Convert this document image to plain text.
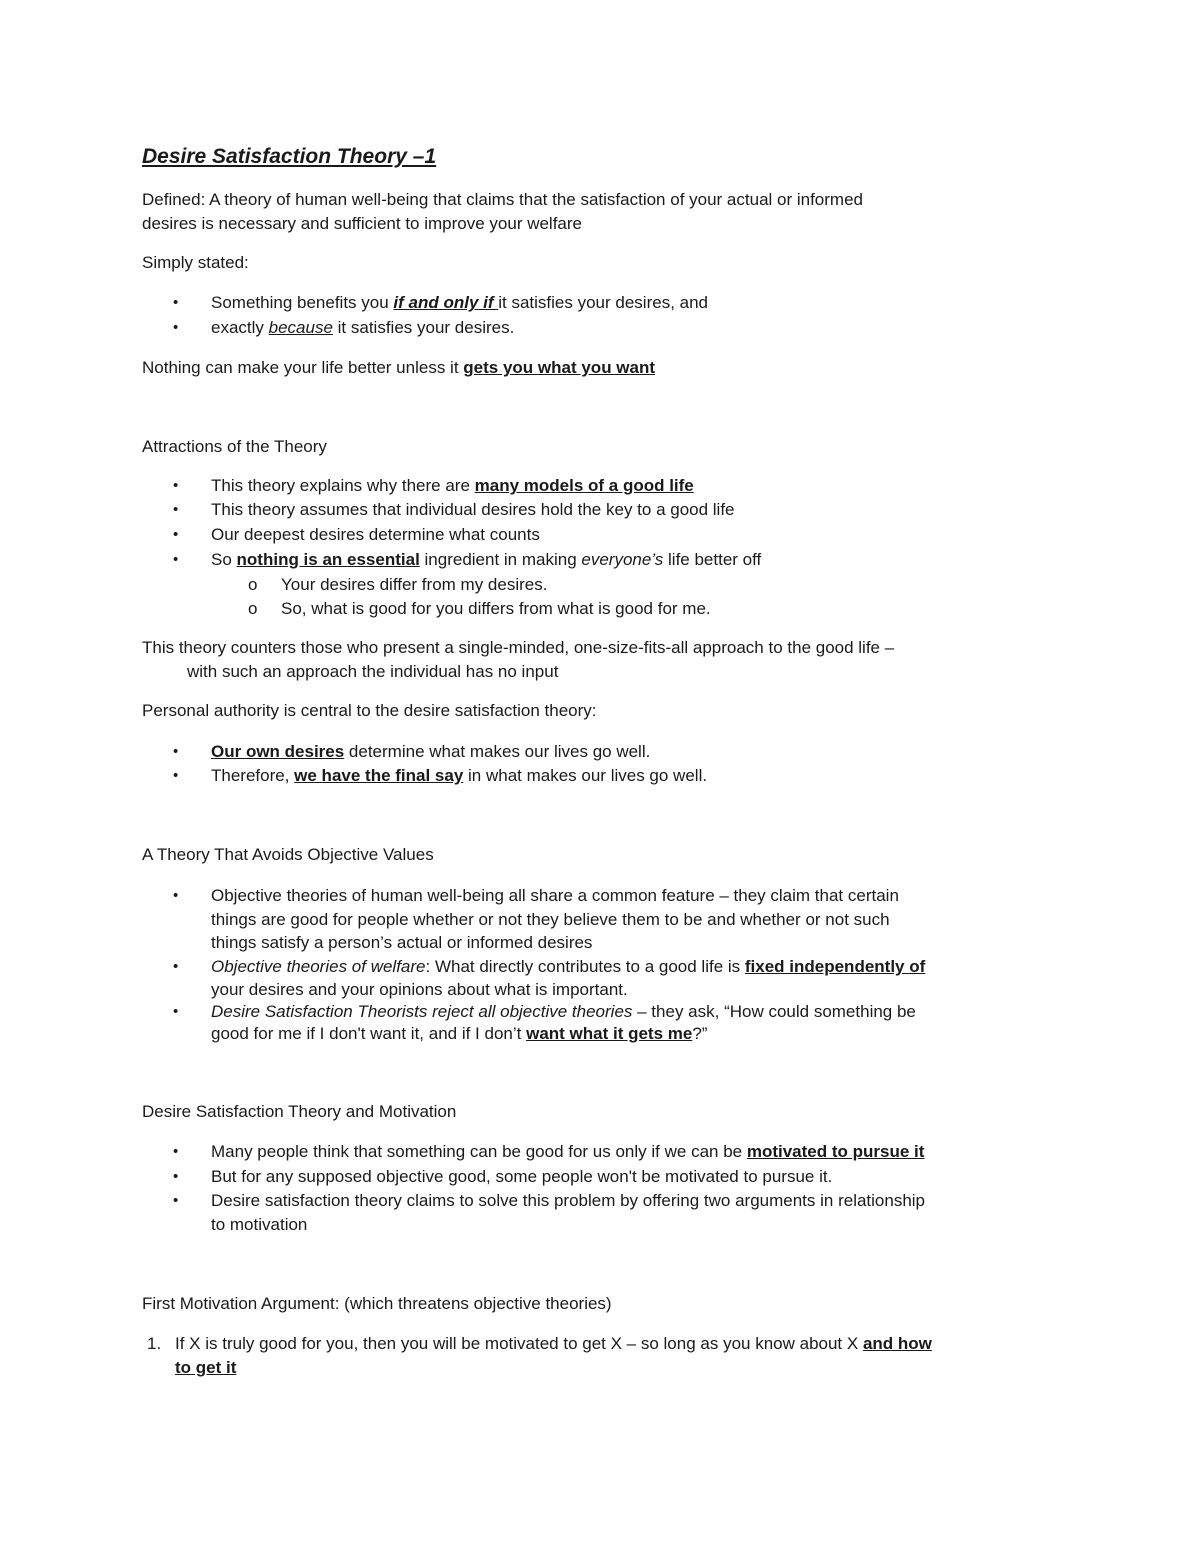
Desire Satisfaction Theory –1
Defined: A theory of human well-being that claims that the satisfaction of your actual or informed
desires is necessary and sufficient to improve your welfare
Simply stated:
• Something benefits you if and only if it satisfies your desires, and
• exactly because it satisfies your desires.
Nothing can make your life better unless it gets you what you want
Attractions of the Theory
• This theory explains why there are many models of a good life
• This theory assumes that individual desires hold the key to a good life
• Our deepest desires determine what counts
• So nothing is an essential ingredient in making everyone’s life better off
o Your desires differ from my desires.
o So, what is good for you differs from what is good for me.
This theory counters those who present a single-minded, one-size-fits-all approach to the good life –
with such an approach the individual has no input
Personal authority is central to the desire satisfaction theory:
• Our own desires determine what makes our lives go well.
• Therefore, we have the final say in what makes our lives go well.
A Theory That Avoids Objective Values
• Objective theories of human well-being all share a common feature – they claim that certain
things are good for people whether or not they believe them to be and whether or not such
things satisfy a person’s actual or informed desires
• Objective theories of welfare: What directly contributes to a good life is fixed independently of
your desires and your opinions about what is important.
• Desire Satisfaction Theorists reject all objective theories – they ask, “How could something be
good for me if I don't want it, and if I don’t want what it gets me?”
Desire Satisfaction Theory and Motivation
• Many people think that something can be good for us only if we can be motivated to pursue it
• But for any supposed objective good, some people won't be motivated to pursue it.
• Desire satisfaction theory claims to solve this problem by offering two arguments in relationship
to motivation
First Motivation Argument: (which threatens objective theories)
1. If X is truly good for you, then you will be motivated to get X – so long as you know about X and how
to get it
